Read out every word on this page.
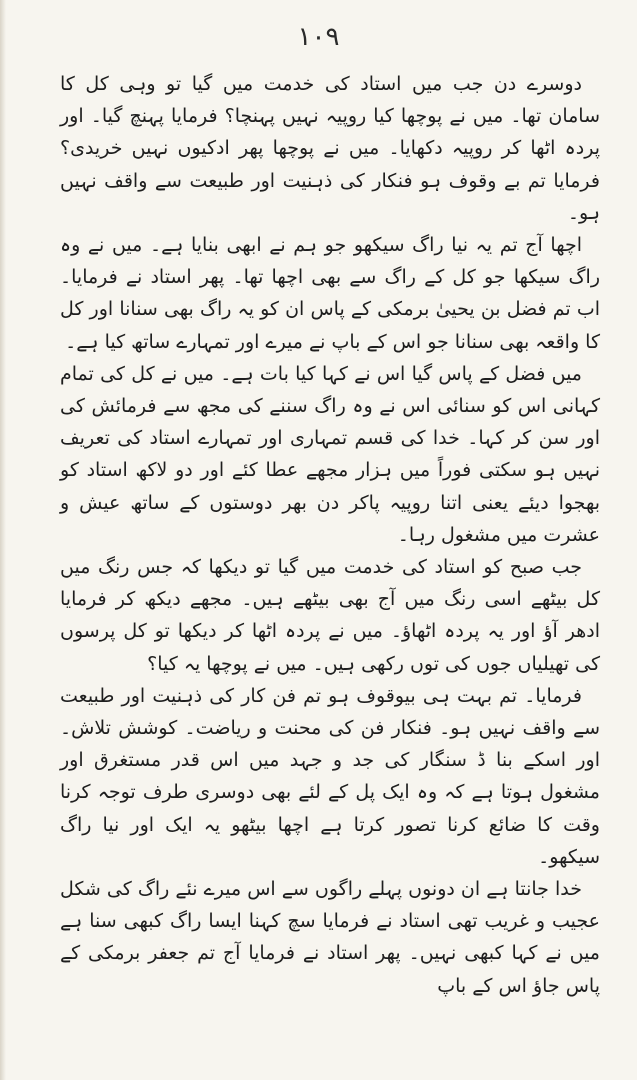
۱۰۹

دوسرے دن جب میں استاد کی خدمت میں گیا تو وہی کل کا سامان تھا۔ میں نے پوچھا کیا روپیہ نہیں پہنچا؟ فرمایا پہنچ گیا۔ اور پردہ اٹھا کر روپیہ دکھایا۔ میں نے پوچھا پھر ادکیوں نہیں خریدی؟ فرمایا تم بے وقوف ہو فنکار کی ذہنیت اور طبیعت سے واقف نہیں ہو۔

اچھا آج تم یہ نیا راگ سیکھو جو ہم نے ابھی بنایا ہے۔ میں نے وہ راگ سیکھا جو کل کے راگ سے بھی اچھا تھا۔ پھر استاد نے فرمایا۔ اب تم فضل بن یحییٰ برمکی کے پاس ان کو یہ راگ بھی سنانا اور کل کا واقعہ بھی سنانا جو اس کے باپ نے میرے اور تمہارے ساتھ کیا ہے۔

میں فضل کے پاس گیا اس نے کہا کیا بات ہے۔ میں نے کل کی تمام کہانی اس کو سنائی اس نے وہ راگ سننے کی مجھ سے فرمائش کی اور سن کر کہا۔ خدا کی قسم تمہاری اور تمہارے استاد کی تعریف نہیں ہو سکتی فوراً میں ہزار مجھے عطا کئے اور دو لاکھ استاد کو بھجوا دیئے یعنی اتنا روپیہ پاکر دن بھر دوستوں کے ساتھ عیش و عشرت میں مشغول رہا۔

جب صبح کو استاد کی خدمت میں گیا تو دیکھا کہ جس رنگ میں کل بیٹھے اسی رنگ میں آج بھی بیٹھے ہیں۔ مجھے دیکھ کر فرمایا ادھر آؤ اور یہ پردہ اٹھاؤ۔ میں نے پردہ اٹھا کر دیکھا تو کل پرسوں کی تھیلیاں جوں کی توں رکھی ہیں۔ میں نے پوچھا یہ کیا؟

فرمایا۔ تم بہت ہی بیوقوف ہو تم فن کار کی ذہنیت اور طبیعت سے واقف نہیں ہو۔ فنکار فن کی محنت و ریاضت۔ کوشش تلاش۔ اور اسکے بنا ڈ سنگار کی جد و جہد میں اس قدر مستغرق اور مشغول ہوتا ہے کہ وہ ایک پل کے لئے بھی دوسری طرف توجہ کرنا وقت کا ضائع کرنا تصور کرتا ہے اچھا بیٹھو یہ ایک اور نیا راگ سیکھو۔

خدا جانتا ہے ان دونوں پہلے راگوں سے اس میرے نئے راگ کی شکل عجیب و غریب تھی استاد نے فرمایا سچ کہنا ایسا راگ کبھی سنا ہے میں نے کہا کبھی نہیں۔ پھر استاد نے فرمایا آج تم جعفر برمکی کے پاس جاؤ اس کے باپ
